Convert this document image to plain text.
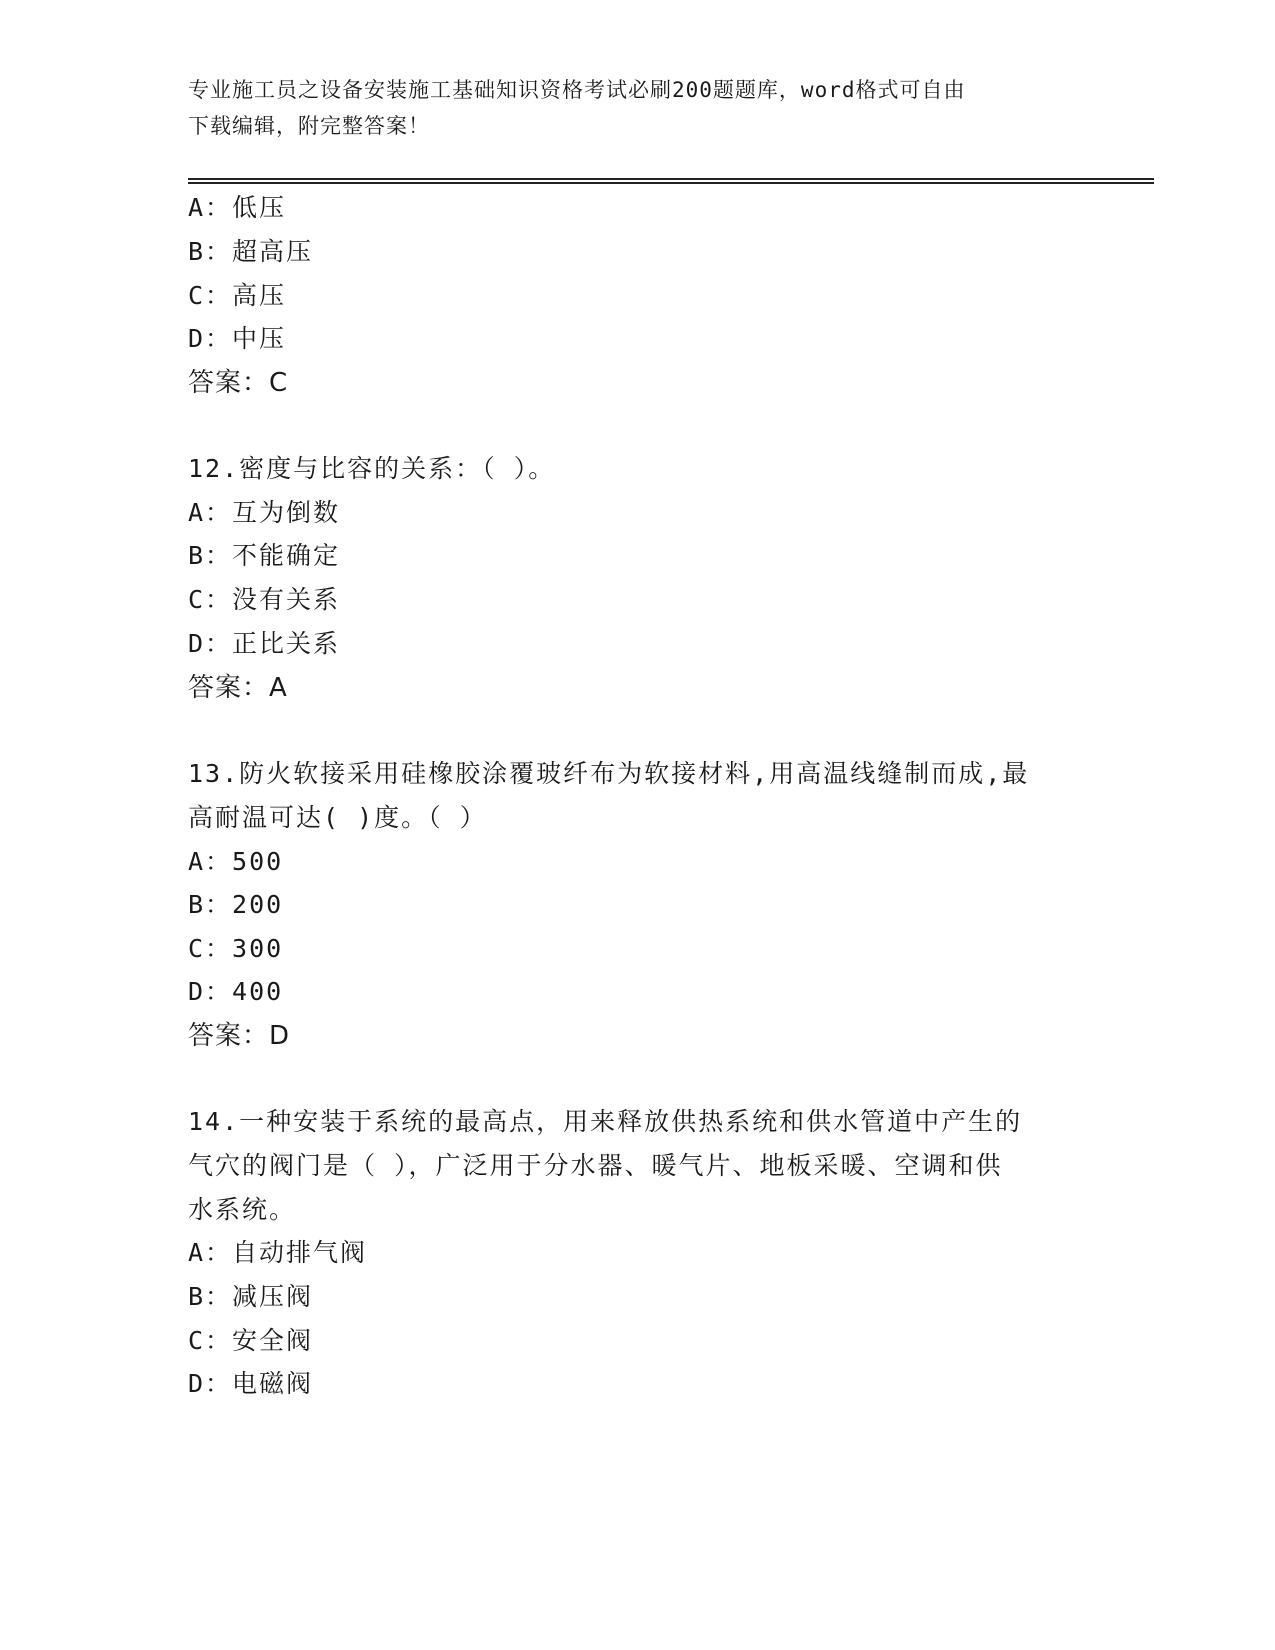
专业施工员之设备安装施工基础知识资格考试必刷200题题库，word格式可自由
下载编辑，附完整答案！
A：低压
B：超高压
C：高压
D：中压
答案：C
12.密度与比容的关系：（ ）。
A：互为倒数
B：不能确定
C：没有关系
D：正比关系
答案：A
13.防火软接采用硅橡胶涂覆玻纤布为软接材料,用高温线缝制而成,最
高耐温可达( )度。（ ）
A：500
B：200
C：300
D：400
答案：D
14.一种安装于系统的最高点，用来释放供热系统和供水管道中产生的
气穴的阀门是（ ），广泛用于分水器、暖气片、地板采暖、空调和供
水系统。
A：自动排气阀
B：减压阀
C：安全阀
D：电磁阀
